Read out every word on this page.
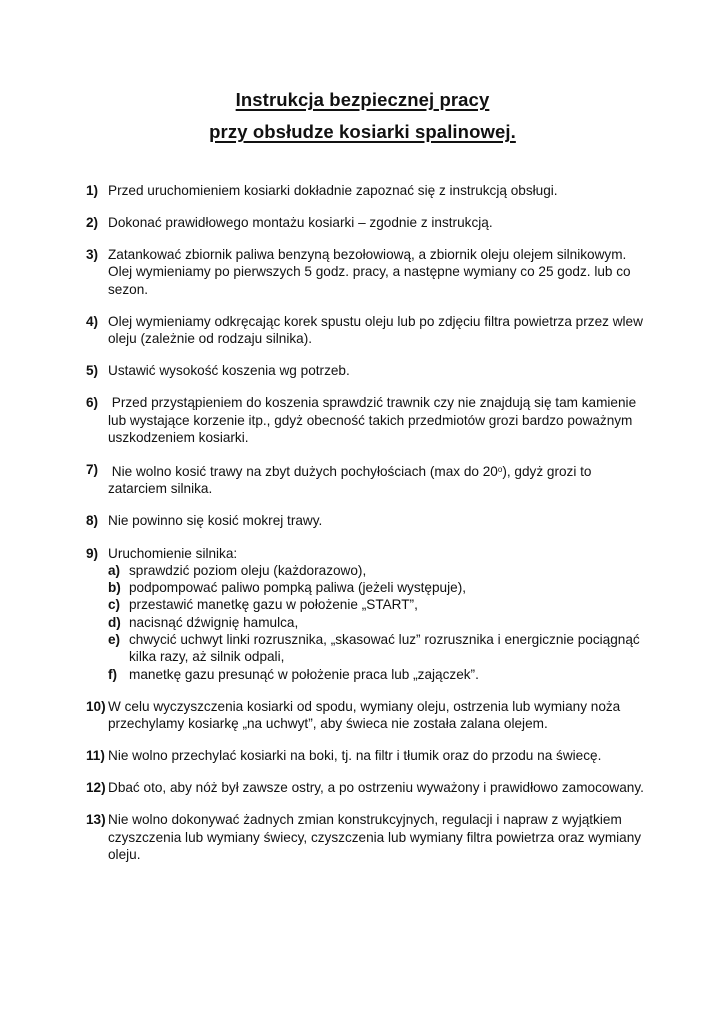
Instrukcja bezpiecznej pracy
przy obsłudze kosiarki spalinowej.
1) Przed uruchomieniem kosiarki dokładnie zapoznać się z instrukcją obsługi.
2) Dokonać prawidłowego montażu kosiarki – zgodnie z instrukcją.
3) Zatankować zbiornik paliwa benzyną bezołowiową, a zbiornik oleju olejem silnikowym. Olej wymieniamy po pierwszych 5 godz. pracy, a następne wymiany co 25 godz. lub co sezon.
4) Olej wymieniamy odkręcając korek spustu oleju lub po zdjęciu filtra powietrza przez wlew oleju (zależnie od rodzaju silnika).
5) Ustawić wysokość koszenia wg potrzeb.
6) Przed przystąpieniem do koszenia sprawdzić trawnik czy nie znajdują się tam kamienie lub wystające korzenie itp., gdyż obecność takich przedmiotów grozi bardzo poważnym uszkodzeniem kosiarki.
7) Nie wolno kosić trawy na zbyt dużych pochyłościach (max do 20$^o$), gdyż grozi to zatarciem silnika.
8) Nie powinno się kosić mokrej trawy.
9) Uruchomienie silnika:
a) sprawdzić poziom oleju (każdorazowo),
b) podpompować paliwo pompką paliwa (jeżeli występuje),
c) przestawić manetkę gazu w położenie „START”,
d) nacisnąć dźwignię hamulca,
e) chwycić uchwyt linki rozrusznika, „skasować luz” rozrusznika i energicznie pociągnąć kilka razy, aż silnik odpali,
f) manetkę gazu presunąć w położenie praca lub „zajączek”.
10) W celu wyczyszczenia kosiarki od spodu, wymiany oleju, ostrzenia lub wymiany noża przechylamy kosiarkę „na uchwyt”, aby świeca nie została zalana olejem.
11) Nie wolno przechylać kosiarki na boki, tj. na filtr i tłumik oraz do przodu na świecę.
12) Dbać oto, aby nóż był zawsze ostry, a po ostrzeniu wyważony i prawidłowo zamocowany.
13) Nie wolno dokonywać żadnych zmian konstrukcyjnych, regulacji i napraw z wyjątkiem czyszczenia lub wymiany świecy, czyszczenia lub wymiany filtra powietrza oraz wymiany oleju.
